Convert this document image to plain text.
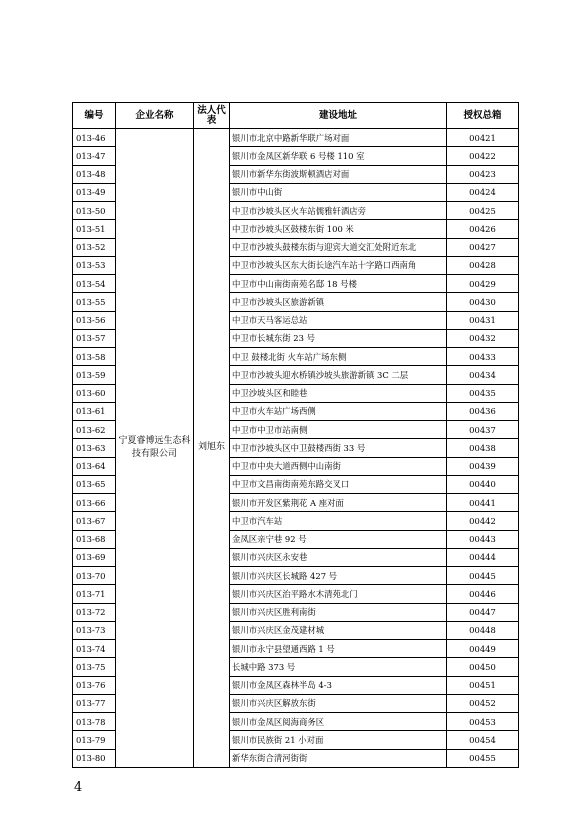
编号	企业名称	法人代表	建设地址	授权总箱
013-46	宁夏睿博远生态科技有限公司	刘旭东	银川市北京中路新华联广场对面	00421
013-47			银川市金凤区新华联 6 号楼 110 室	00422
013-48			银川市新华东街波斯顿酒店对面	00423
013-49			银川市中山街	00424
013-50			中卫市沙坡头区火车站儒雅轩酒店旁	00425
013-51			中卫市沙坡头区鼓楼东街 100 米	00426
013-52			中卫市沙坡头鼓楼东街与迎宾大道交汇处附近东北	00427
013-53			中卫市沙坡头区东大街长途汽车站十字路口西南角	00428
013-54			中卫市中山南街南苑名邸 18 号楼	00429
013-55			中卫市沙坡头区旅游新镇	00430
013-56			中卫市天马客运总站	00431
013-57			中卫市长城东街 23 号	00432
013-58			中卫 鼓楼北街 火车站广场东侧	00433
013-59			中卫市沙坡头迎水桥镇沙坡头旅游新镇 3C 二层	00434
013-60			中卫沙坡头区和睦巷	00435
013-61			中卫市火车站广场西侧	00436
013-62			中卫市中卫市站南侧	00437
013-63			中卫市沙坡头区中卫鼓楼西街 33 号	00438
013-64			中卫市中央大道西侧中山南街	00439
013-65			中卫市文昌南街南苑东路交叉口	00440
013-66			银川市开发区紫荆花 A 座对面	00441
013-67			中卫市汽车站	00442
013-68			金凤区亲宁巷 92 号	00443
013-69			银川市兴庆区永安巷	00444
013-70			银川市兴庆区长城路 427 号	00445
013-71			银川市兴庆区治平路水木清苑北门	00446
013-72			银川市兴庆区胜利南街	00447
013-73			银川市兴庆区金茂建材城	00448
013-74			银川市永宁县望通西路 1 号	00449
013-75			长城中路 373 号	00450
013-76			银川市金凤区森林半岛 4-3	00451
013-77			银川市兴庆区解放东街	00452
013-78			银川市金凤区阅海商务区	00453
013-79			银川市民族街 21 小对面	00454
013-80			新华东街合清河街街	00455
4
